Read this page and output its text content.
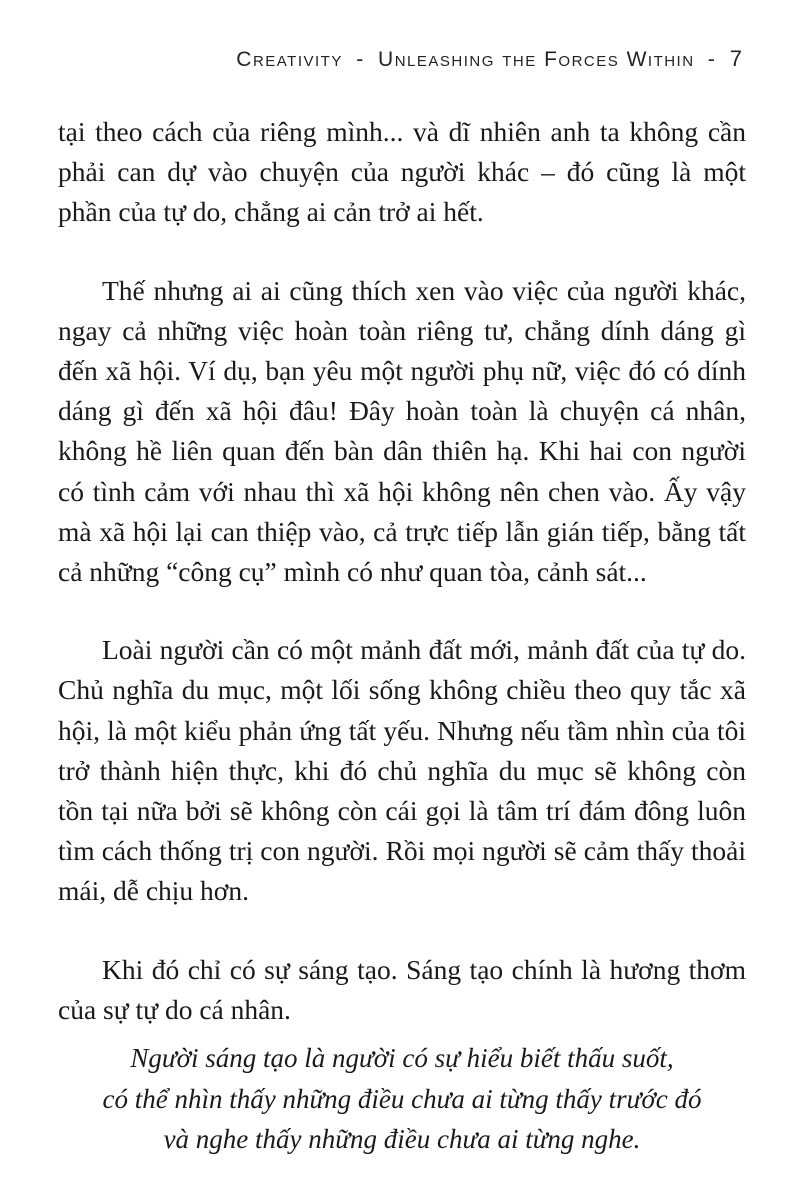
Creativity - Unleashing the Forces Within - 7

tại theo cách của riêng mình... và dĩ nhiên anh ta không cần phải can dự vào chuyện của người khác – đó cũng là một phần của tự do, chẳng ai cản trở ai hết.

Thế nhưng ai ai cũng thích xen vào việc của người khác, ngay cả những việc hoàn toàn riêng tư, chẳng dính dáng gì đến xã hội. Ví dụ, bạn yêu một người phụ nữ, việc đó có dính dáng gì đến xã hội đâu! Đây hoàn toàn là chuyện cá nhân, không hề liên quan đến bàn dân thiên hạ. Khi hai con người có tình cảm với nhau thì xã hội không nên chen vào. Ấy vậy mà xã hội lại can thiệp vào, cả trực tiếp lẫn gián tiếp, bằng tất cả những “công cụ” mình có như quan tòa, cảnh sát...

Loài người cần có một mảnh đất mới, mảnh đất của tự do. Chủ nghĩa du mục, một lối sống không chiều theo quy tắc xã hội, là một kiểu phản ứng tất yếu. Nhưng nếu tầm nhìn của tôi trở thành hiện thực, khi đó chủ nghĩa du mục sẽ không còn tồn tại nữa bởi sẽ không còn cái gọi là tâm trí đám đông luôn tìm cách thống trị con người. Rồi mọi người sẽ cảm thấy thoải mái, dễ chịu hơn.

Khi đó chỉ có sự sáng tạo. Sáng tạo chính là hương thơm của sự tự do cá nhân.

Người sáng tạo là người có sự hiểu biết thấu suốt,
có thể nhìn thấy những điều chưa ai từng thấy trước đó
và nghe thấy những điều chưa ai từng nghe.
